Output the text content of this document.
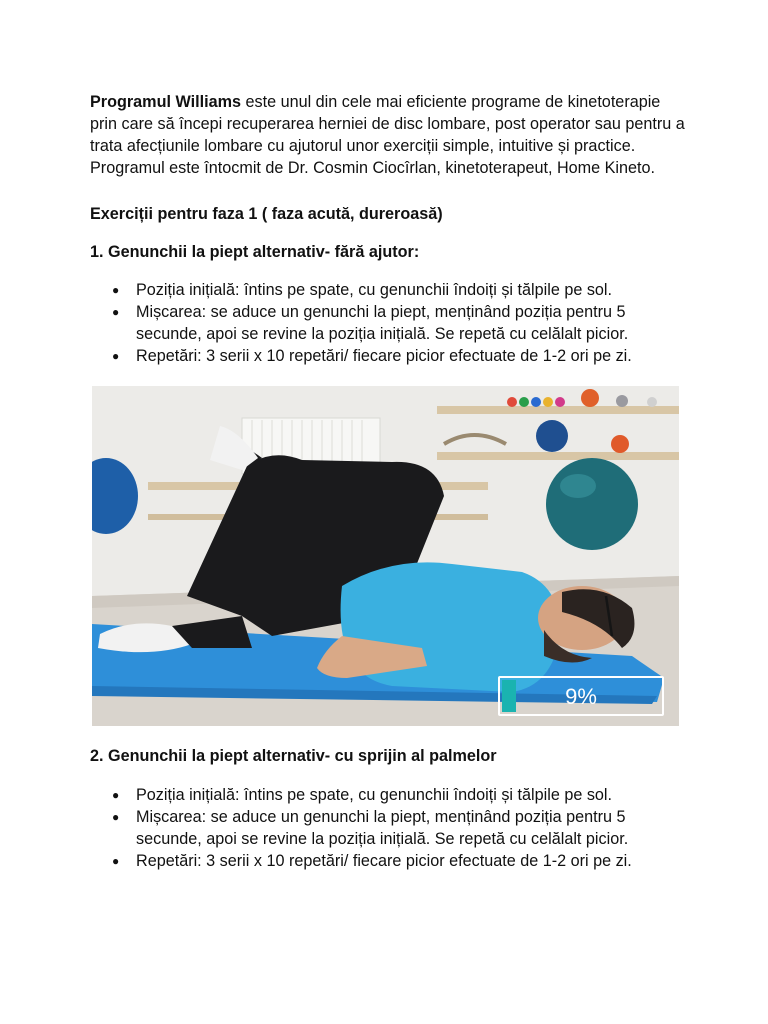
Programul Williams este unul din cele mai eficiente programe de kinetoterapie prin care să începi recuperarea herniei de disc lombare, post operator sau pentru a trata afecțiunile lombare cu ajutorul unor exerciții simple, intuitive și practice. Programul este întocmit de Dr. Cosmin Ciocîrlan, kinetoterapeut, Home Kineto.

Exerciții pentru faza 1 ( faza acută, dureroasă)
1. Genunchii la piept alternativ- fără ajutor:
● Poziția inițială: întins pe spate, cu genunchii îndoiți și tălpile pe sol.
● Mișcarea: se aduce un genunchi la piept, menținând poziția pentru 5 secunde, apoi se revine la poziția inițială. Se repetă cu celălalt picior.
● Repetări: 3 serii x 10 repetări/ fiecare picior efectuate de 1-2 ori pe zi.
9%
2. Genunchii la piept alternativ- cu sprijin al palmelor
● Poziția inițială: întins pe spate, cu genunchii îndoiți și tălpile pe sol.
● Mișcarea: se aduce un genunchi la piept, menținând poziția pentru 5 secunde, apoi se revine la poziția inițială. Se repetă cu celălalt picior.
● Repetări: 3 serii x 10 repetări/ fiecare picior efectuate de 1-2 ori pe zi.
